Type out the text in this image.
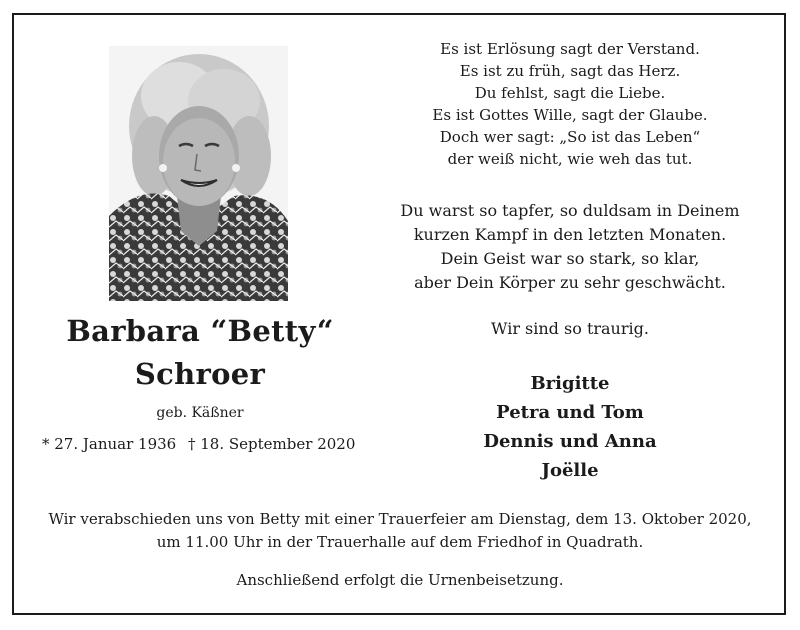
Barbara “Betty“
Schroer
geb. Käßner
* 27. Januar 1936 † 18. September 2020
Es ist Erlösung sagt der Verstand.
Es ist zu früh, sagt das Herz.
Du fehlst, sagt die Liebe.
Es ist Gottes Wille, sagt der Glaube.
Doch wer sagt: „So ist das Leben“
der weiß nicht, wie weh das tut.
Du warst so tapfer, so duldsam in Deinem
kurzen Kampf in den letzten Monaten.
Dein Geist war so stark, so klar,
aber Dein Körper zu sehr geschwächt.
Wir sind so traurig.
Brigitte
Petra und Tom
Dennis und Anna
Joëlle
Wir verabschieden uns von Betty mit einer Trauerfeier am Dienstag, dem 13. Oktober 2020,
um 11.00 Uhr in der Trauerhalle auf dem Friedhof in Quadrath.
Anschließend erfolgt die Urnenbeisetzung.
